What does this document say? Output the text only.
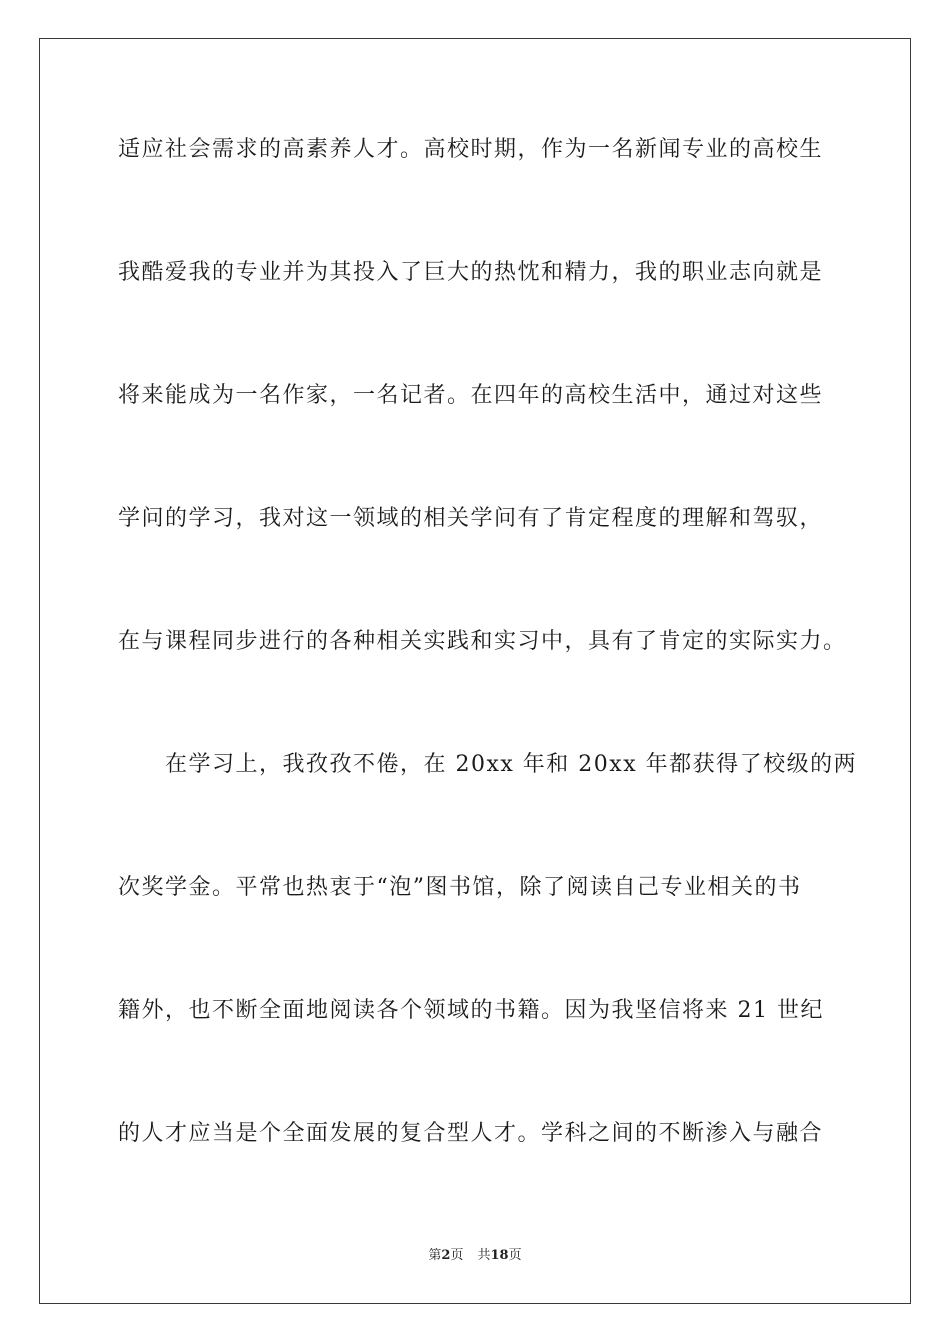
适应社会需求的高素养人才。高校时期，作为一名新闻专业的高校生
我酷爱我的专业并为其投入了巨大的热忱和精力，我的职业志向就是
将来能成为一名作家，一名记者。在四年的高校生活中，通过对这些
学问的学习，我对这一领域的相关学问有了肯定程度的理解和驾驭，
在与课程同步进行的各种相关实践和实习中，具有了肯定的实际实力。
在学习上，我孜孜不倦，在 20xx 年和 20xx 年都获得了校级的两
次奖学金。平常也热衷于“泡”图书馆，除了阅读自己专业相关的书
籍外，也不断全面地阅读各个领域的书籍。因为我坚信将来 21 世纪
的人才应当是个全面发展的复合型人才。学科之间的不断渗入与融合
第2页 共18页
